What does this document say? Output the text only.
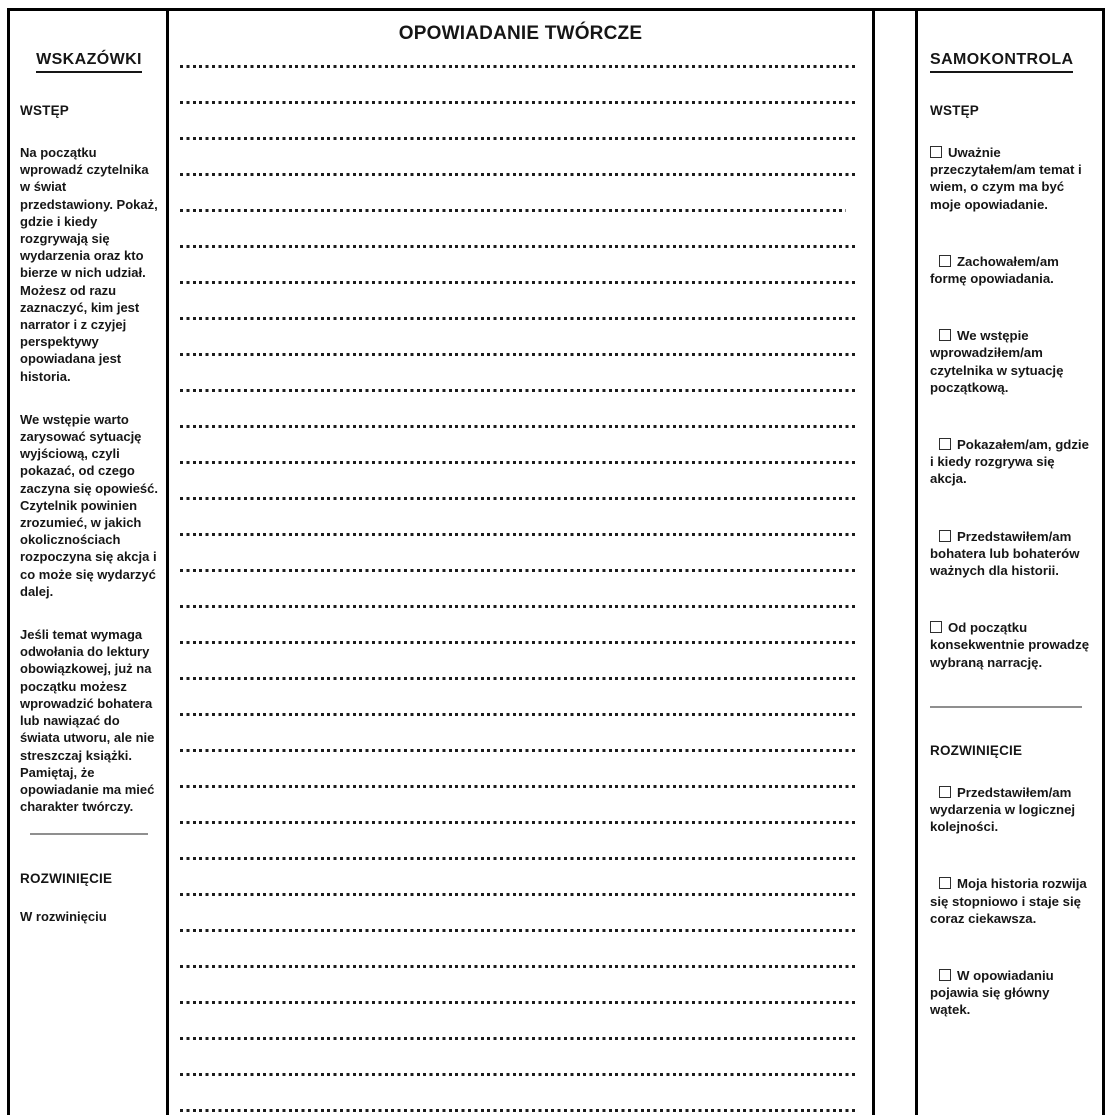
WSKAZÓWKI
WSTĘP

Na początku wprowadź czytelnika w świat przedstawiony. Pokaż, gdzie i kiedy rozgrywają się wydarzenia oraz kto bierze w nich udział. Możesz od razu zaznaczyć, kim jest narrator i z czyjej perspektywy opowiadana jest historia.

We wstępie warto zarysować sytuację wyjściową, czyli pokazać, od czego zaczyna się opowieść. Czytelnik powinien zrozumieć, w jakich okolicznościach rozpoczyna się akcja i co może się wydarzyć dalej.

Jeśli temat wymaga odwołania do lektury obowiązkowej, już na początku możesz wprowadzić bohatera lub nawiązać do świata utworu, ale nie streszczaj książki. Pamiętaj, że opowiadanie ma mieć charakter twórczy.

ROZWINIĘCIE

W rozwinięciu

OPOWIADANIE TWÓRCZE
SAMOKONTROLA
WSTĘP
Uważnie przeczytałem/am temat i wiem, o czym ma być moje opowiadanie.
Zachowałem/am formę opowiadania.
We wstępie wprowadziłem/am czytelnika w sytuację początkową.
Pokazałem/am, gdzie i kiedy rozgrywa się akcja.
Przedstawiłem/am bohatera lub bohaterów ważnych dla historii.
Od początku konsekwentnie prowadzę wybraną narrację.
ROZWINIĘCIE
Przedstawiłem/am wydarzenia w logicznej kolejności.
Moja historia rozwija się stopniowo i staje się coraz ciekawsza.
W opowiadaniu pojawia się główny wątek.
